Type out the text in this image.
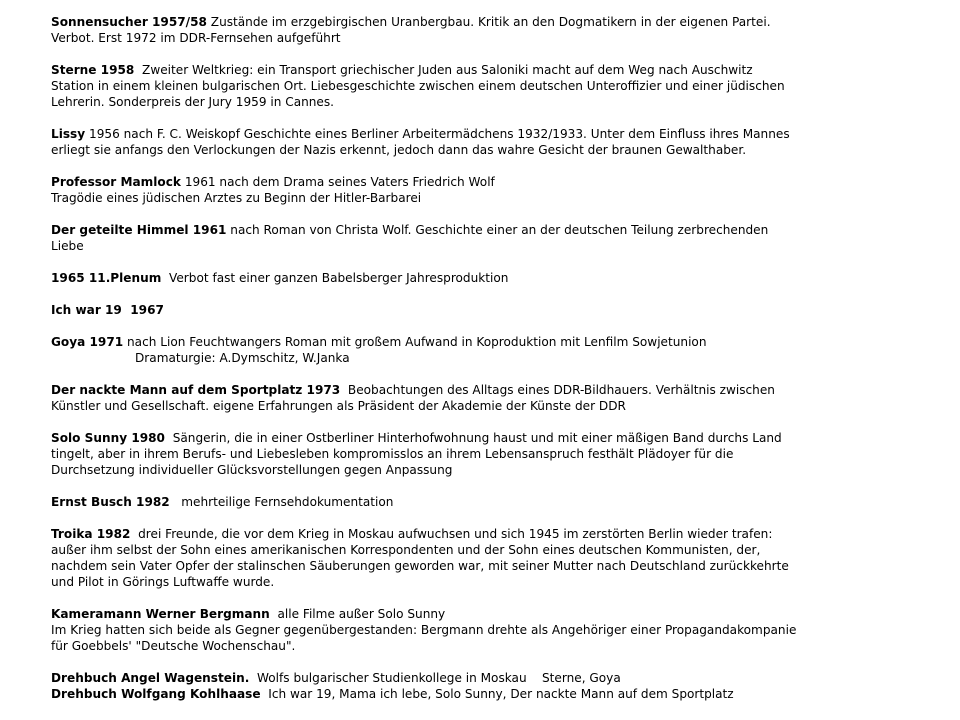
Sonnensucher 1957/58 Zustände im erzgebirgischen Uranbergbau. Kritik an den Dogmatikern in der eigenen Partei.

Verbot. Erst 1972 im DDR-Fernsehen aufgeführt

Sterne 1958 Zweiter Weltkrieg: ein Transport griechischer Juden aus Saloniki macht auf dem Weg nach Auschwitz

Station in einem kleinen bulgarischen Ort. Liebesgeschichte zwischen einem deutschen Unteroffizier und einer jüdischen

Lehrerin. Sonderpreis der Jury 1959 in Cannes.

Lissy 1956 nach F. C. Weiskopf Geschichte eines Berliner Arbeitermädchens 1932/1933. Unter dem Einfluss ihres Mannes

erliegt sie anfangs den Verlockungen der Nazis erkennt, jedoch dann das wahre Gesicht der braunen Gewalthaber.

Professor Mamlock 1961 nach dem Drama seines Vaters Friedrich Wolf

Tragödie eines jüdischen Arztes zu Beginn der Hitler-Barbarei

Der geteilte Himmel 1961 nach Roman von Christa Wolf. Geschichte einer an der deutschen Teilung zerbrechenden

Liebe

1965 11.Plenum Verbot fast einer ganzen Babelsberger Jahresproduktion

Ich war 19  1967

Goya 1971 nach Lion Feuchtwangers Roman mit großem Aufwand in Koproduktion mit Lenfilm Sowjetunion

Dramaturgie: A.Dymschitz, W.Janka

Der nackte Mann auf dem Sportplatz 1973 Beobachtungen des Alltags eines DDR-Bildhauers. Verhältnis zwischen

Künstler und Gesellschaft. eigene Erfahrungen als Präsident der Akademie der Künste der DDR

Solo Sunny 1980 Sängerin, die in einer Ostberliner Hinterhofwohnung haust und mit einer mäßigen Band durchs Land

tingelt, aber in ihrem Berufs- und Liebesleben kompromisslos an ihrem Lebensanspruch festhält Plädoyer für die

Durchsetzung individueller Glücksvorstellungen gegen Anpassung

Ernst Busch 1982 mehrteilige Fernsehdokumentation

Troika 1982 drei Freunde, die vor dem Krieg in Moskau aufwuchsen und sich 1945 im zerstörten Berlin wieder trafen:

außer ihm selbst der Sohn eines amerikanischen Korrespondenten und der Sohn eines deutschen Kommunisten, der,

nachdem sein Vater Opfer der stalinschen Säuberungen geworden war, mit seiner Mutter nach Deutschland zurückkehrte

und Pilot in Görings Luftwaffe wurde.

Kameramann Werner Bergmann alle Filme außer Solo Sunny

Im Krieg hatten sich beide als Gegner gegenübergestanden: Bergmann drehte als Angehöriger einer Propagandakompanie

für Goebbels' "Deutsche Wochenschau".

Drehbuch Angel Wagenstein. Wolfs bulgarischer Studienkollege in Moskau    Sterne, Goya

Drehbuch Wolfgang Kohlhaase Ich war 19, Mama ich lebe, Solo Sunny, Der nackte Mann auf dem Sportplatz
